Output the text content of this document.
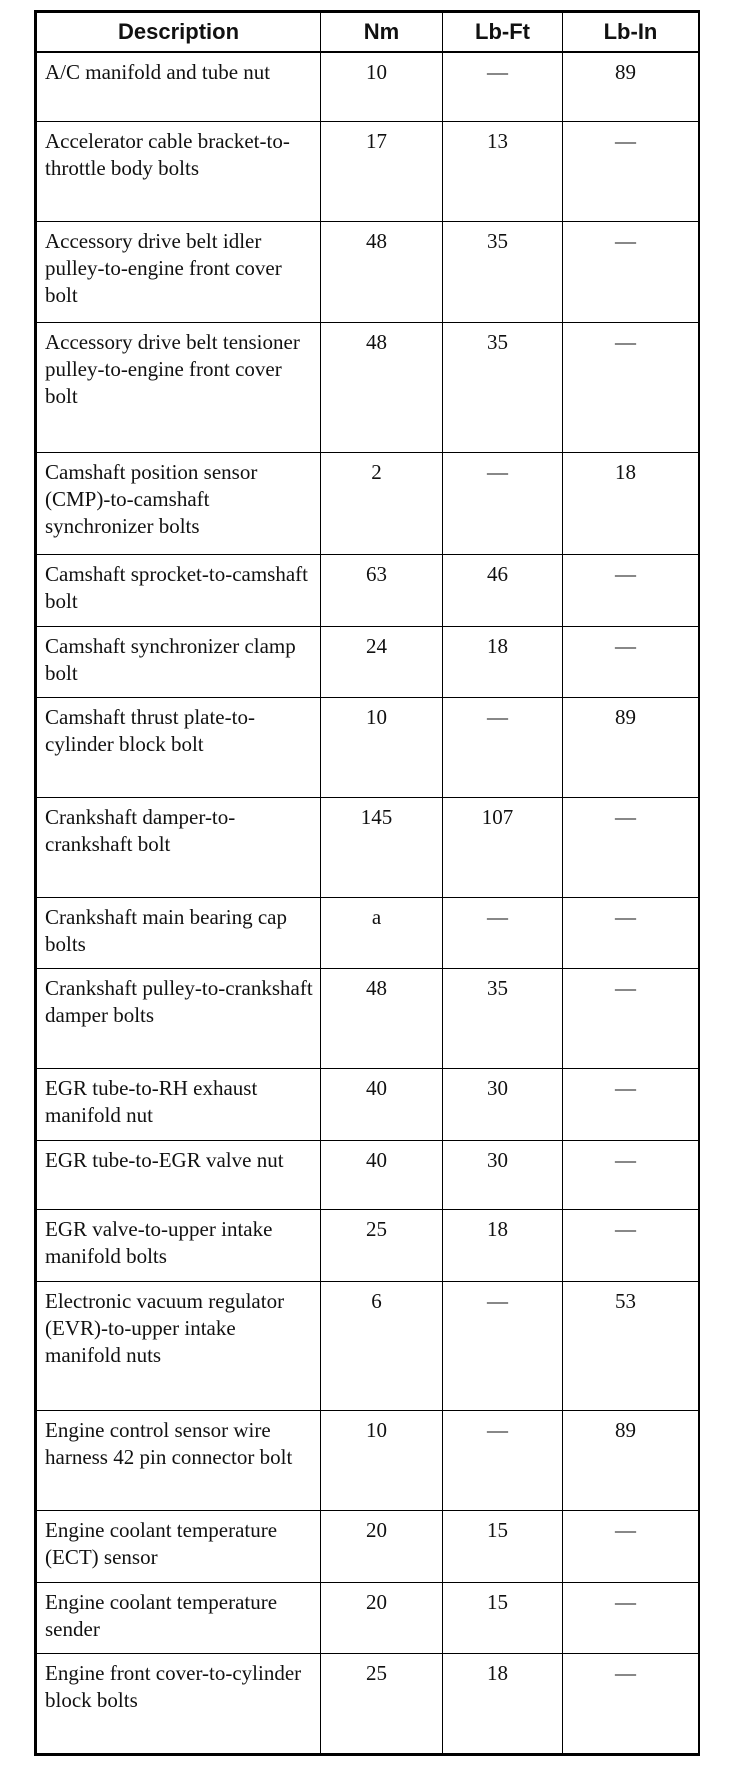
Description	Nm	Lb-Ft	Lb-In
A/C manifold and tube nut	10	—	89
Accelerator cable bracket-to-throttle body bolts	17	13	—
Accessory drive belt idler pulley-to-engine front cover bolt	48	35	—
Accessory drive belt tensioner pulley-to-engine front cover bolt	48	35	—
Camshaft position sensor (CMP)-to-camshaft synchronizer bolts	2	—	18
Camshaft sprocket-to-camshaft bolt	63	46	—
Camshaft synchronizer clamp bolt	24	18	—
Camshaft thrust plate-to-cylinder block bolt	10	—	89
Crankshaft damper-to-crankshaft bolt	145	107	—
Crankshaft main bearing cap bolts	a	—	—
Crankshaft pulley-to-crankshaft damper bolts	48	35	—
EGR tube-to-RH exhaust manifold nut	40	30	—
EGR tube-to-EGR valve nut	40	30	—
EGR valve-to-upper intake manifold bolts	25	18	—
Electronic vacuum regulator (EVR)-to-upper intake manifold nuts	6	—	53
Engine control sensor wire harness 42 pin connector bolt	10	—	89
Engine coolant temperature (ECT) sensor	20	15	—
Engine coolant temperature sender	20	15	—
Engine front cover-to-cylinder block bolts	25	18	—
